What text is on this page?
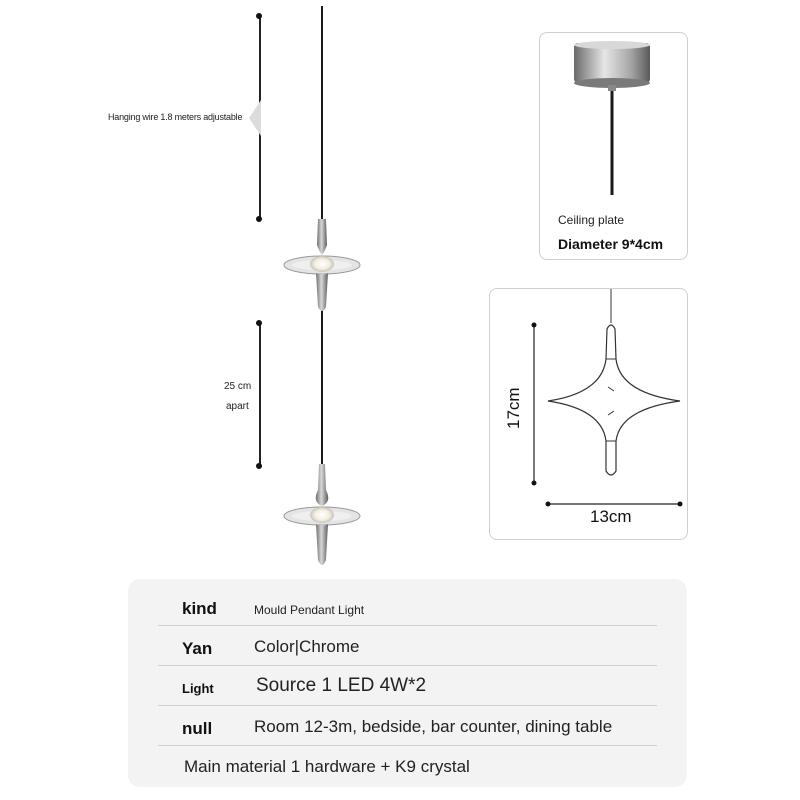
Hanging wire 1.8 meters adjustable
25 cm
apart
Ceiling plate
Diameter 9*4cm
17cm
13cm
kind	Mould Pendant Light
Yan Color|Chrome
Light Source 1 LED 4W*2
null Room 12-3m, bedside, bar counter, dining table
Main material 1 hardware + K9 crystal
